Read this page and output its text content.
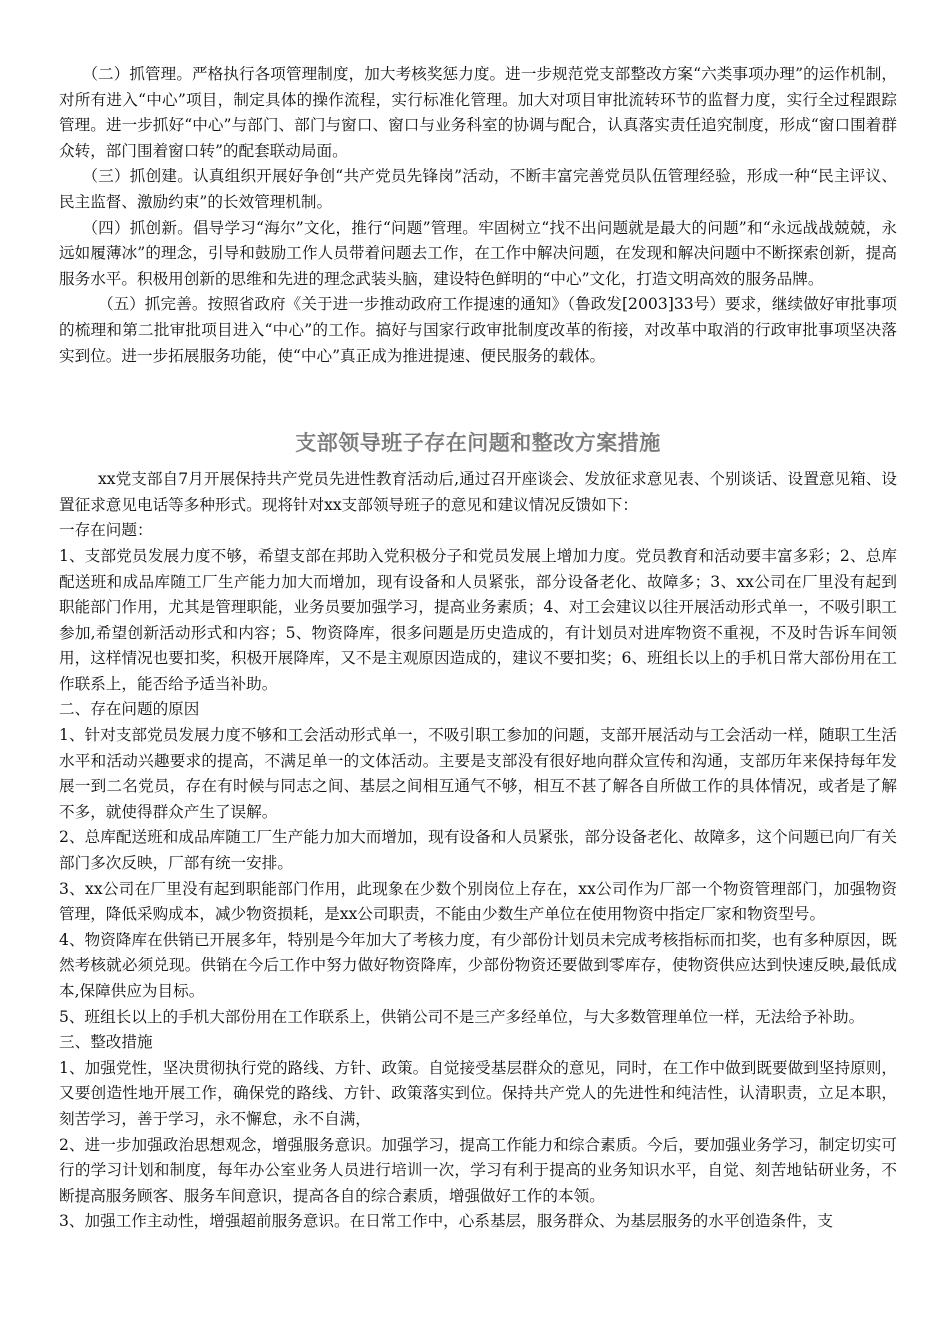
（二）抓管理。严格执行各项管理制度，加大考核奖惩力度。进一步规范党支部整改方案“六类事项办理”的运作机制，对所有进入“中心”项目，制定具体的操作流程，实行标准化管理。加大对项目审批流转环节的监督力度，实行全过程跟踪管理。进一步抓好“中心”与部门、部门与窗口、窗口与业务科室的协调与配合，认真落实责任追究制度，形成“窗口围着群众转，部门围着窗口转”的配套联动局面。

（三）抓创建。认真组织开展好争创“共产党员先锋岗”活动，不断丰富完善党员队伍管理经验，形成一种“民主评议、民主监督、激励约束”的长效管理机制。

（四）抓创新。倡导学习“海尔”文化，推行“问题”管理。牢固树立“找不出问题就是最大的问题”和“永远战战兢兢，永远如履薄冰”的理念，引导和鼓励工作人员带着问题去工作，在工作中解决问题，在发现和解决问题中不断探索创新，提高服务水平。积极用创新的思维和先进的理念武装头脑，建设特色鲜明的“中心”文化，打造文明高效的服务品牌。

（五）抓完善。按照省政府《关于进一步推动政府工作提速的通知》（鲁政发[2003]33号）要求，继续做好审批事项的梳理和第二批审批项目进入“中心”的工作。搞好与国家行政审批制度改革的衔接，对改革中取消的行政审批事项坚决落实到位。进一步拓展服务功能，使“中心”真正成为推进提速、便民服务的载体。

支部领导班子存在问题和整改方案措施

xx党支部自7月开展保持共产党员先进性教育活动后,通过召开座谈会、发放征求意见表、个别谈话、设置意见箱、设置征求意见电话等多种形式。现将针对xx支部领导班子的意见和建议情况反馈如下：

一存在问题：

1、支部党员发展力度不够，希望支部在邦助入党积极分子和党员发展上增加力度。党员教育和活动要丰富多彩；2、总库配送班和成品库随工厂生产能力加大而增加，现有设备和人员紧张，部分设备老化、故障多；3、xx公司在厂里没有起到职能部门作用，尤其是管理职能，业务员要加强学习，提高业务素质；4、对工会建议以往开展活动形式单一，不吸引职工参加,希望创新活动形式和内容；5、物资降库，很多问题是历史造成的，有计划员对进库物资不重视，不及时告诉车间领用，这样情况也要扣奖，积极开展降库，又不是主观原因造成的，建议不要扣奖；6、班组长以上的手机日常大部份用在工作联系上，能否给予适当补助。

二、存在问题的原因

1、针对支部党员发展力度不够和工会活动形式单一，不吸引职工参加的问题，支部开展活动与工会活动一样，随职工生活水平和活动兴趣要求的提高，不满足单一的文体活动。主要是支部没有很好地向群众宣传和沟通，支部历年来保持每年发展一到二名党员，存在有时候与同志之间、基层之间相互通气不够，相互不甚了解各自所做工作的具体情况，或者是了解不多，就使得群众产生了误解。

2、总库配送班和成品库随工厂生产能力加大而增加，现有设备和人员紧张，部分设备老化、故障多，这个问题已向厂有关部门多次反映，厂部有统一安排。

3、xx公司在厂里没有起到职能部门作用，此现象在少数个别岗位上存在，xx公司作为厂部一个物资管理部门，加强物资管理，降低采购成本，减少物资损耗，是xx公司职责，不能由少数生产单位在使用物资中指定厂家和物资型号。

4、物资降库在供销已开展多年，特别是今年加大了考核力度，有少部份计划员未完成考核指标而扣奖，也有多种原因，既然考核就必须兑现。供销在今后工作中努力做好物资降库，少部份物资还要做到零库存，使物资供应达到快速反映,最低成本,保障供应为目标。

5、班组长以上的手机大部份用在工作联系上，供销公司不是三产多经单位，与大多数管理单位一样，无法给予补助。

三、整改措施

1、加强党性，坚决贯彻执行党的路线、方针、政策。自觉接受基层群众的意见，同时，在工作中做到既要做到坚持原则，又要创造性地开展工作，确保党的路线、方针、政策落实到位。保持共产党人的先进性和纯洁性，认清职责，立足本职，刻苦学习，善于学习，永不懈怠，永不自满，

2、进一步加强政治思想观念，增强服务意识。加强学习，提高工作能力和综合素质。今后，要加强业务学习，制定切实可行的学习计划和制度，每年办公室业务人员进行培训一次，学习有利于提高的业务知识水平，自觉、刻苦地钻研业务，不断提高服务顾客、服务车间意识，提高各自的综合素质，增强做好工作的本领。

3、加强工作主动性，增强超前服务意识。在日常工作中，心系基层，服务群众、为基层服务的水平创造条件，支
